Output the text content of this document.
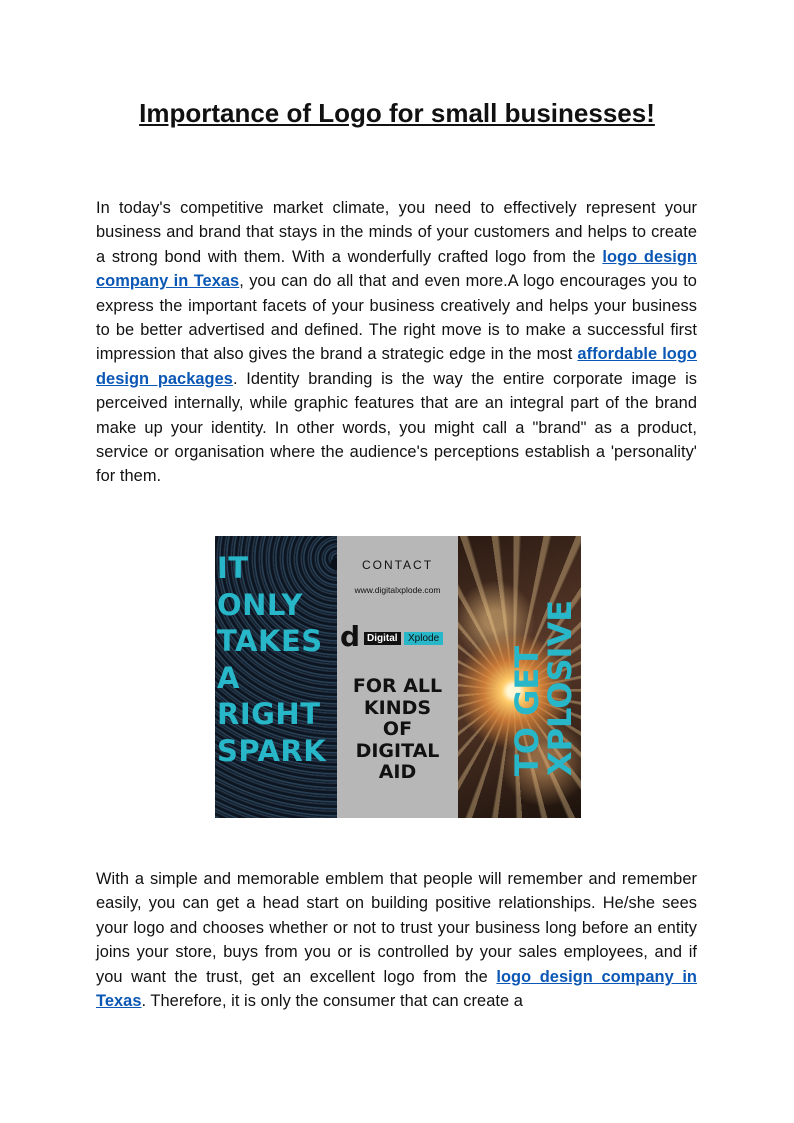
Importance of Logo for small businesses!

In today's competitive market climate, you need to effectively represent your business and brand that stays in the minds of your customers and helps to create a strong bond with them. With a wonderfully crafted logo from the logo design company in Texas, you can do all that and even more.A logo encourages you to express the important facets of your business creatively and helps your business to be better advertised and defined. The right move is to make a successful first impression that also gives the brand a strategic edge in the most affordable logo design packages. Identity branding is the way the entire corporate image is perceived internally, while graphic features that are an integral part of the brand make up your identity. In other words, you might call a "brand" as a product, service or organisation where the audience's perceptions establish a 'personality' for them.

IT
ONLY
TAKES
A
RIGHT
SPARK

CONTACT
www.digitalxplode.com
d Digital	Xplode

FOR ALL
KINDS
OF
DIGITAL
AID	TO GET
XPLOSIVE

With a simple and memorable emblem that people will remember and remember easily, you can get a head start on building positive relationships. He/she sees your logo and chooses whether or not to trust your business long before an entity joins your store, buys from you or is controlled by your sales employees, and if you want the trust, get an excellent logo from the logo design company in Texas. Therefore, it is only the consumer that can create a
